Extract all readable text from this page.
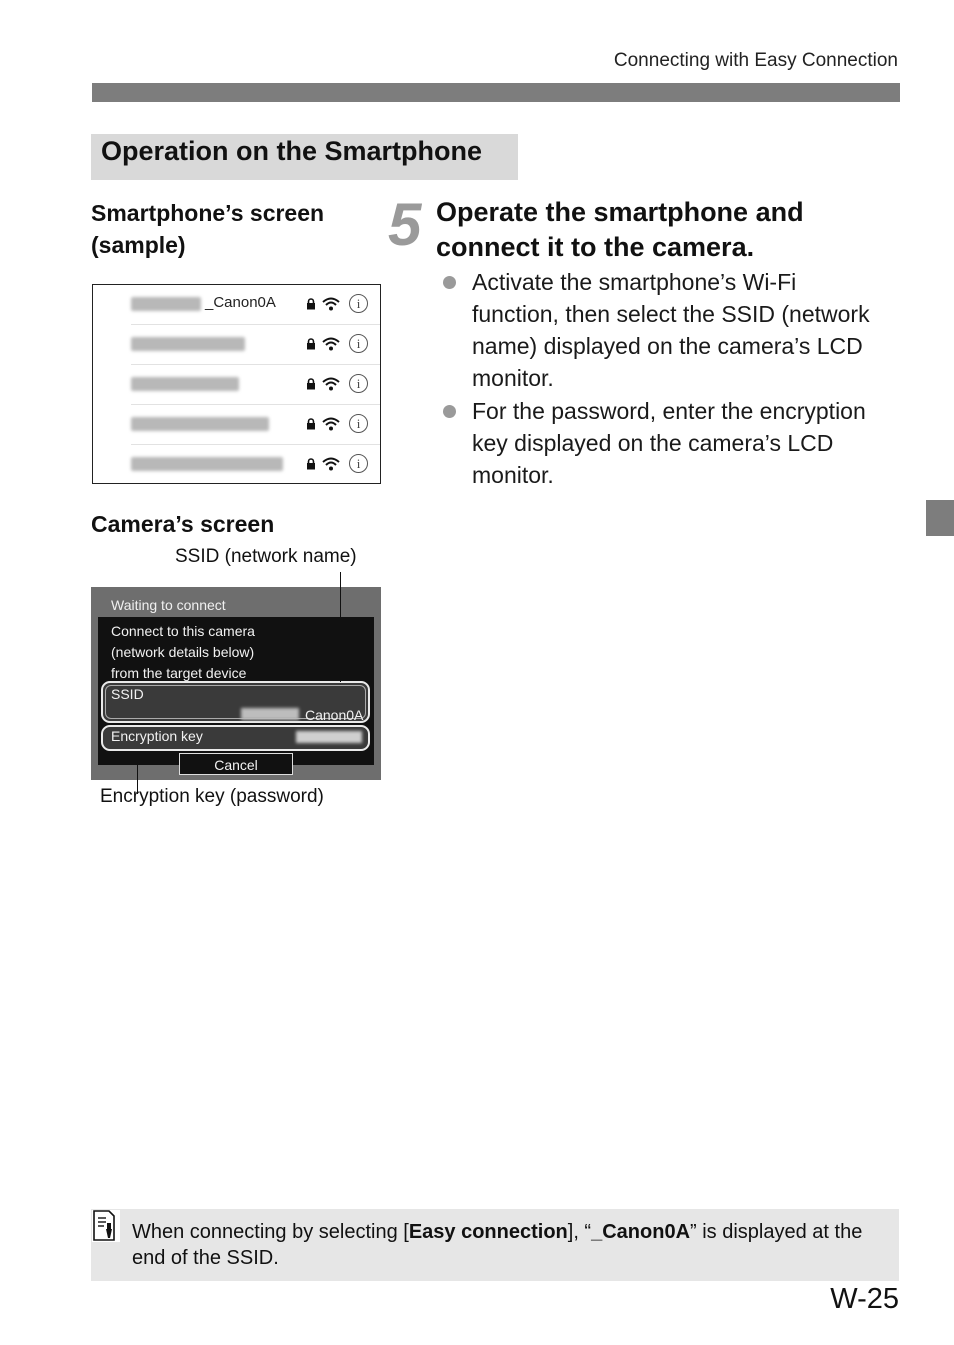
Connecting with Easy Connection
Operation on the Smartphone
Smartphone’s screen
(sample)
_Canon0A	i
i
i
i
i
Camera’s screen
SSID (network name)
Waiting to connect
Connect to this camera
(network details below)
from the target device
SSID
Canon0A
Encryption key
Cancel
Encryption key (password)
5 Operate the smartphone and
connect it to the camera.
Activate the smartphone’s Wi-Fi function, then select the SSID (network name) displayed on the camera’s LCD monitor.
For the password, enter the encryption key displayed on the camera’s LCD monitor.
When connecting by selecting [Easy connection], “_Canon0A” is displayed at the end of the SSID.
W-25
